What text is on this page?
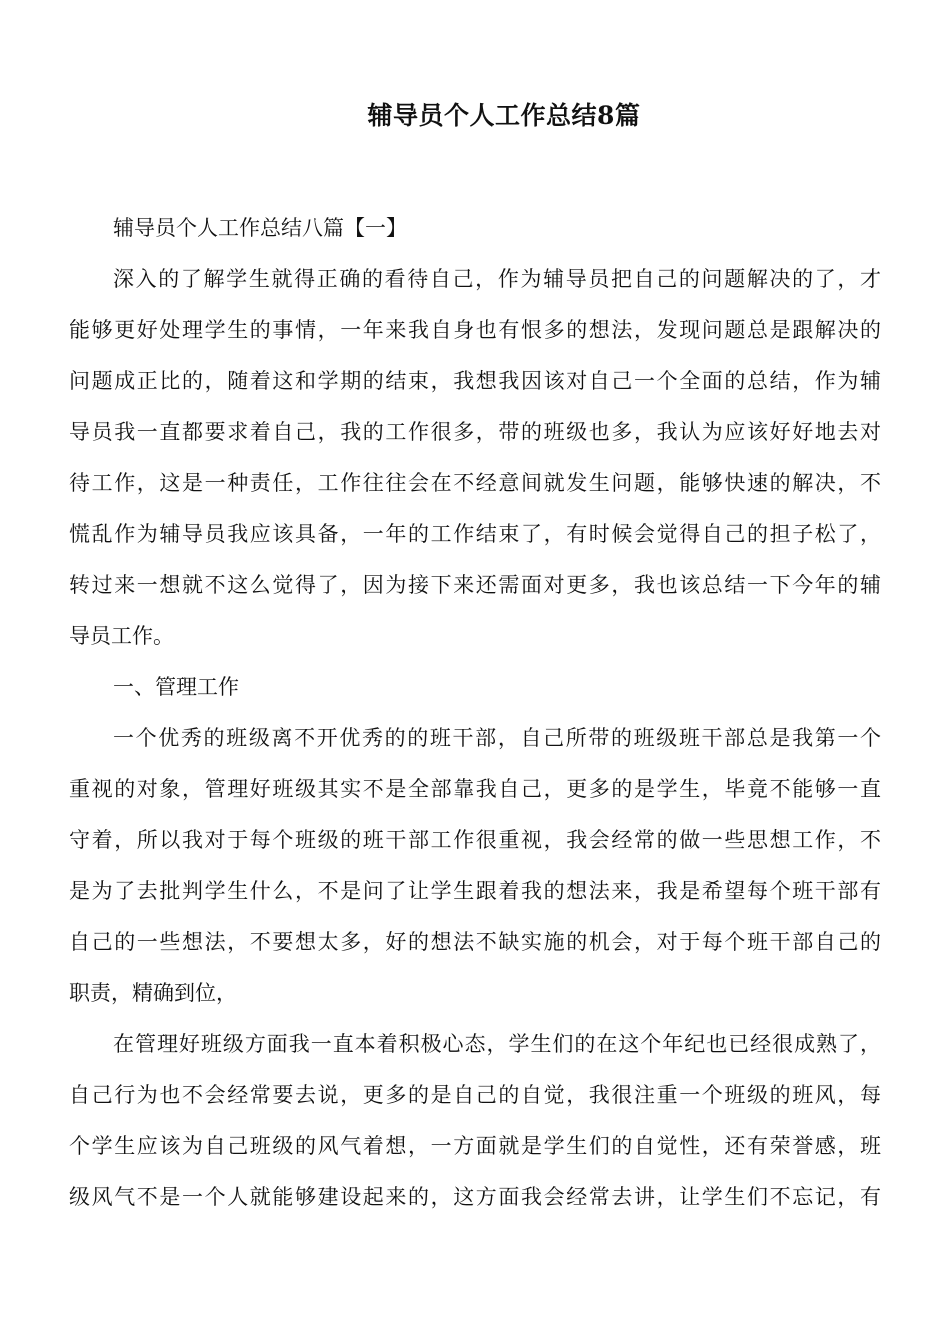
辅导员个人工作总结8篇
辅导员个人工作总结八篇【一】
深入的了解学生就得正确的看待自己，作为辅导员把自己的问题解决的了，才
能够更好处理学生的事情，一年来我自身也有恨多的想法，发现问题总是跟解决的
问题成正比的，随着这和学期的结束，我想我因该对自己一个全面的总结，作为辅
导员我一直都要求着自己，我的工作很多，带的班级也多，我认为应该好好地去对
待工作，这是一种责任，工作往往会在不经意间就发生问题，能够快速的解决，不
慌乱作为辅导员我应该具备，一年的工作结束了，有时候会觉得自己的担子松了，
转过来一想就不这么觉得了，因为接下来还需面对更多，我也该总结一下今年的辅
导员工作。
一、管理工作
一个优秀的班级离不开优秀的的班干部，自己所带的班级班干部总是我第一个
重视的对象，管理好班级其实不是全部靠我自己，更多的是学生，毕竟不能够一直
守着，所以我对于每个班级的班干部工作很重视，我会经常的做一些思想工作，不
是为了去批判学生什么，不是问了让学生跟着我的想法来，我是希望每个班干部有
自己的一些想法，不要想太多，好的想法不缺实施的机会，对于每个班干部自己的
职责，精确到位，
在管理好班级方面我一直本着积极心态，学生们的在这个年纪也已经很成熟了，
自己行为也不会经常要去说，更多的是自己的自觉，我很注重一个班级的班风，每
个学生应该为自己班级的风气着想，一方面就是学生们的自觉性，还有荣誉感，班
级风气不是一个人就能够建设起来的，这方面我会经常去讲，让学生们不忘记，有
